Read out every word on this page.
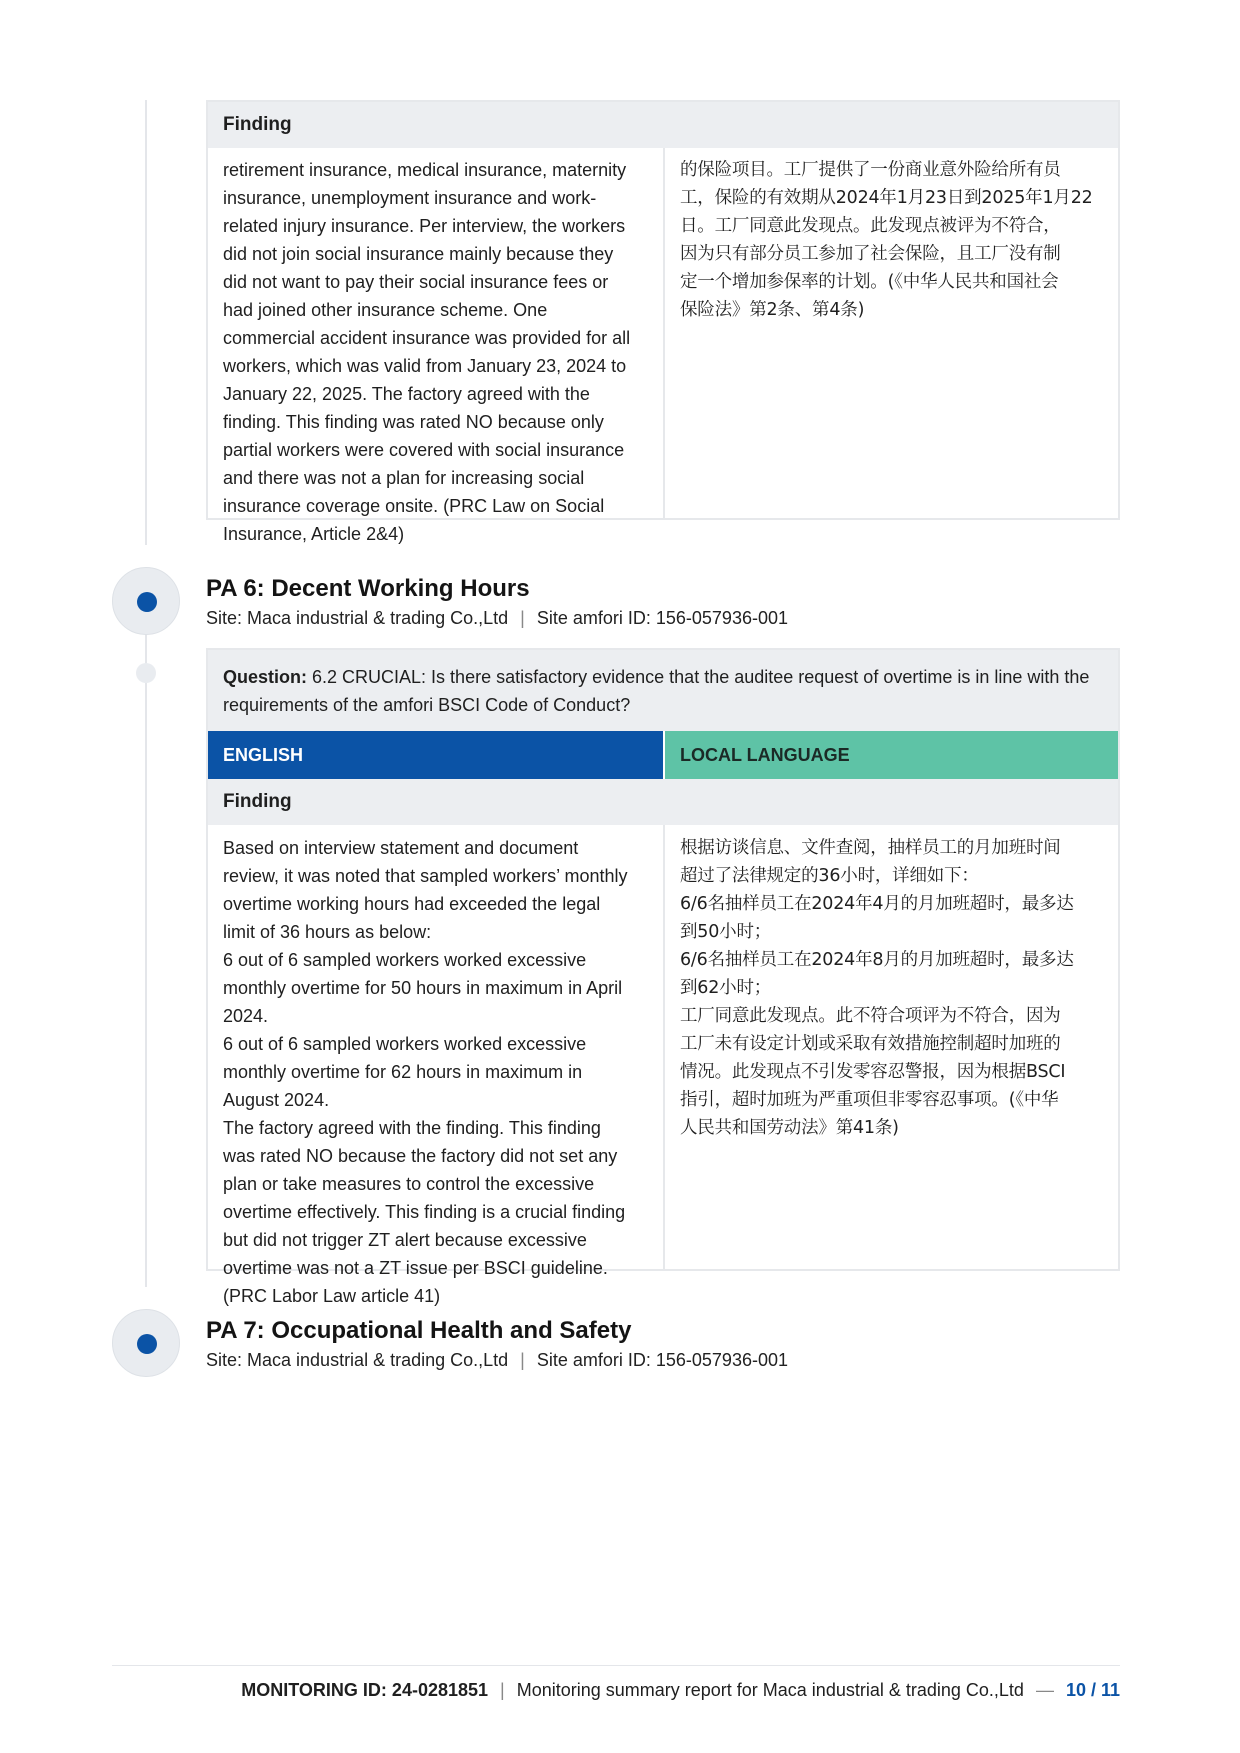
Finding
retirement insurance, medical insurance, maternity
insurance, unemployment insurance and work-
related injury insurance. Per interview, the workers
did not join social insurance mainly because they
did not want to pay their social insurance fees or
had joined other insurance scheme. One
commercial accident insurance was provided for all
workers, which was valid from January 23, 2024 to
January 22, 2025. The factory agreed with the
finding. This finding was rated NO because only
partial workers were covered with social insurance
and there was not a plan for increasing social
insurance coverage onsite. (PRC Law on Social
Insurance, Article 2&4)
的保险项目。工厂提供了一份商业意外险给所有员
工，保险的有效期从2024年1月23日到2025年1月22
日。工厂同意此发现点。此发现点被评为不符合，
因为只有部分员工参加了社会保险，且工厂没有制
定一个增加参保率的计划。(《中华人民共和国社会
保险法》第2条、第4条)
PA 6: Decent Working Hours
Site: Maca industrial & trading Co.,Ltd | Site amfori ID: 156-057936-001
Question: 6.2 CRUCIAL: Is there satisfactory evidence that the auditee request of overtime is in line with the requirements of the amfori BSCI Code of Conduct?
ENGLISH	LOCAL LANGUAGE
Finding
Based on interview statement and document
review, it was noted that sampled workers’ monthly
overtime working hours had exceeded the legal
limit of 36 hours as below:
6 out of 6 sampled workers worked excessive
monthly overtime for 50 hours in maximum in April
2024.
6 out of 6 sampled workers worked excessive
monthly overtime for 62 hours in maximum in
August 2024.
The factory agreed with the finding. This finding
was rated NO because the factory did not set any
plan or take measures to control the excessive
overtime effectively. This finding is a crucial finding
but did not trigger ZT alert because excessive
overtime was not a ZT issue per BSCI guideline.
(PRC Labor Law article 41)
根据访谈信息、文件查阅，抽样员工的月加班时间
超过了法律规定的36小时，详细如下：
6/6名抽样员工在2024年4月的月加班超时，最多达
到50小时；
6/6名抽样员工在2024年8月的月加班超时，最多达
到62小时；
工厂同意此发现点。此不符合项评为不符合，因为
工厂未有设定计划或采取有效措施控制超时加班的
情况。此发现点不引发零容忍警报，因为根据BSCI
指引，超时加班为严重项但非零容忍事项。(《中华
人民共和国劳动法》第41条)
PA 7: Occupational Health and Safety
Site: Maca industrial & trading Co.,Ltd | Site amfori ID: 156-057936-001
MONITORING ID: 24-0281851 | Monitoring summary report for Maca industrial & trading Co.,Ltd — 10 / 11
